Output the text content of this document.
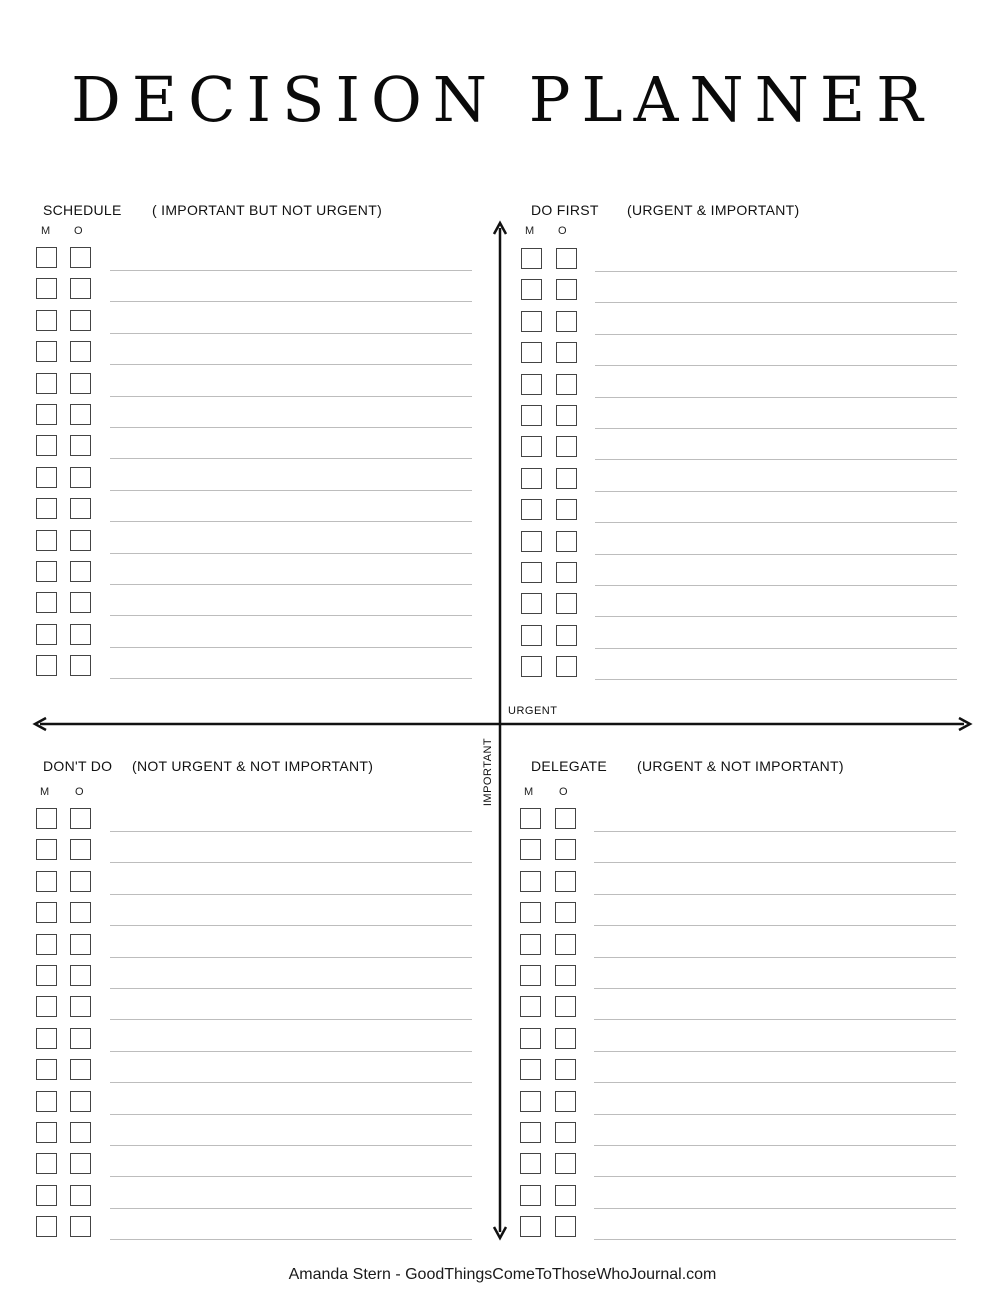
DECISION PLANNER
SCHEDULE ( IMPORTANT BUT NOT URGENT)	DO FIRST (URGENT & IMPORTANT)
DON'T DO (NOT URGENT & NOT IMPORTANT)	DELEGATE (URGENT & NOT IMPORTANT)
M O	M O
M O	M O
URGENT
IMPORTANT
Amanda Stern - GoodThingsComeToThoseWhoJournal.com
